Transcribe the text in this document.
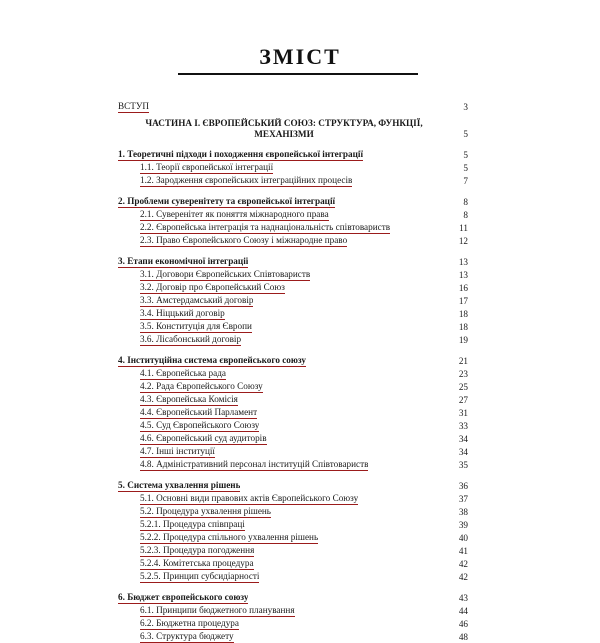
ЗМІСТ
ВСТУП	3
ЧАСТИНА І. ЄВРОПЕЙСЬКИЙ СОЮЗ: СТРУКТУРА, ФУНКЦІЇ, МЕХАНІЗМИ	5
1. Теоретичні підходи і походження європейської інтеграції	5
1.1. Теорії європейської інтеграції	5
1.2. Зародження європейських інтеграційних процесів	7
2. Проблеми суверенітету та європейської інтеграції	8
2.1. Суверенітет як поняття міжнародного права	8
2.2. Європейська інтеграція та наднаціональність співтовариств	11
2.3. Право Європейського Союзу і міжнародне право	12
3. Етапи економічної інтеграції	13
3.1. Договори Європейських Співтовариств	13
3.2. Договір про Європейський Союз	16
3.3. Амстердамський договір	17
3.4. Ніццький договір	18
3.5. Конституція для Європи	18
3.6. Лісабонський договір	19
4. Інституційна система європейського союзу	21
4.1. Європейська рада	23
4.2. Рада Європейського Союзу	25
4.3. Європейська Комісія	27
4.4. Європейський Парламент	31
4.5. Суд Європейського Союзу	33
4.6. Європейський суд аудиторів	34
4.7. Інші інституції	34
4.8. Адміністративний персонал інституцій Співтовариств	35
5. Система ухвалення рішень	36
5.1. Основні види правових актів Європейського Союзу	37
5.2. Процедура ухвалення рішень	38
5.2.1. Процедура співпраці	39
5.2.2. Процедура спільного ухвалення рішень	40
5.2.3. Процедура погодження	41
5.2.4. Комітетська процедура	42
5.2.5. Принцип субсидіарності	42
6. Бюджет європейського союзу	43
6.1. Принципи бюджетного планування	44
6.2. Бюджетна процедура	46
6.3. Структура бюджету	48
